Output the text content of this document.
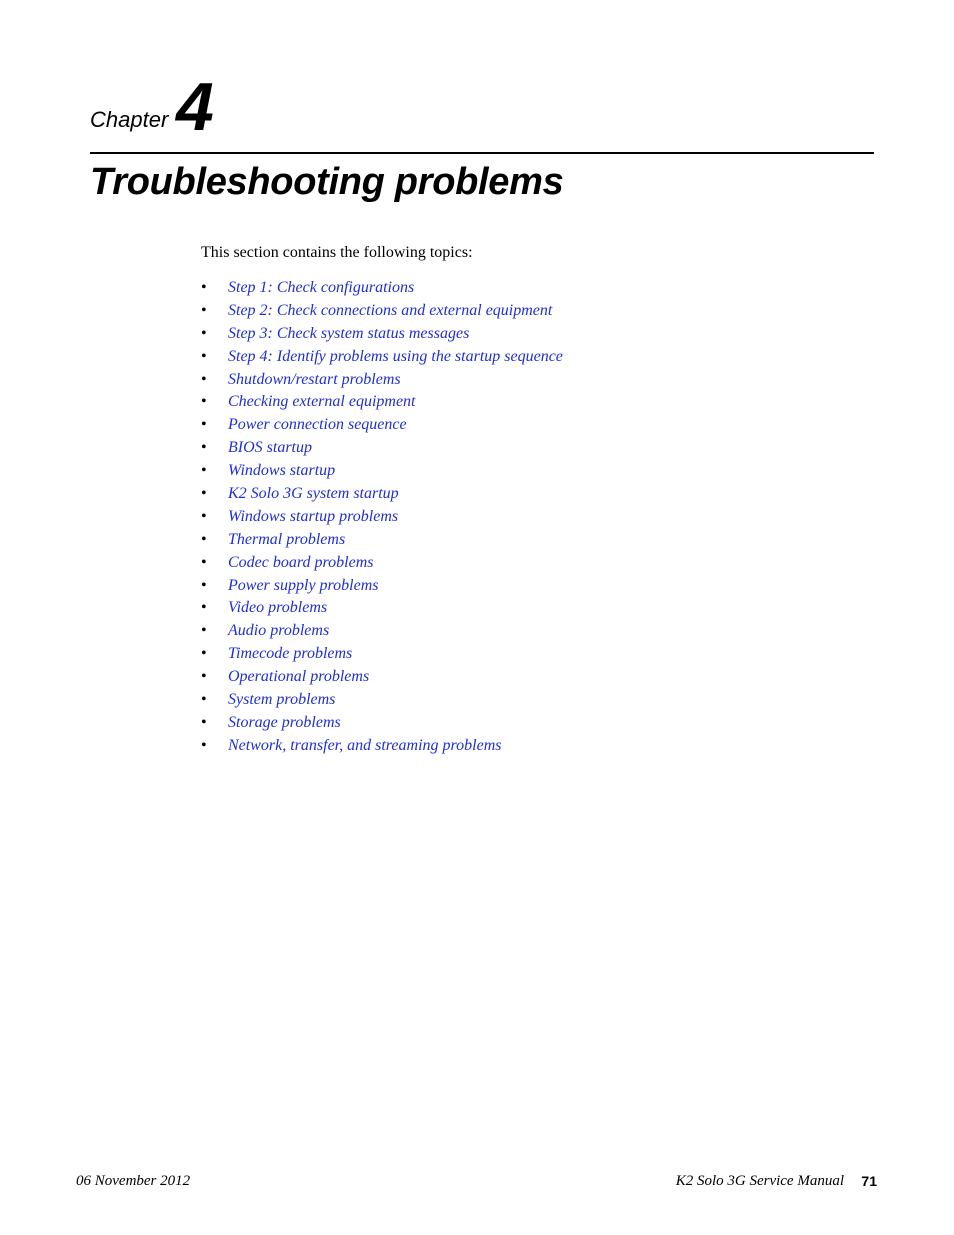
Chapter 4
Troubleshooting problems

This section contains the following topics:

• Step 1: Check configurations
• Step 2: Check connections and external equipment
• Step 3: Check system status messages
• Step 4: Identify problems using the startup sequence
• Shutdown/restart problems
• Checking external equipment
• Power connection sequence
• BIOS startup
• Windows startup
• K2 Solo 3G system startup
• Windows startup problems
• Thermal problems
• Codec board problems
• Power supply problems
• Video problems
• Audio problems
• Timecode problems
• Operational problems
• System problems
• Storage problems
• Network, transfer, and streaming problems
06 November 2012	K2 Solo 3G Service Manual 71
